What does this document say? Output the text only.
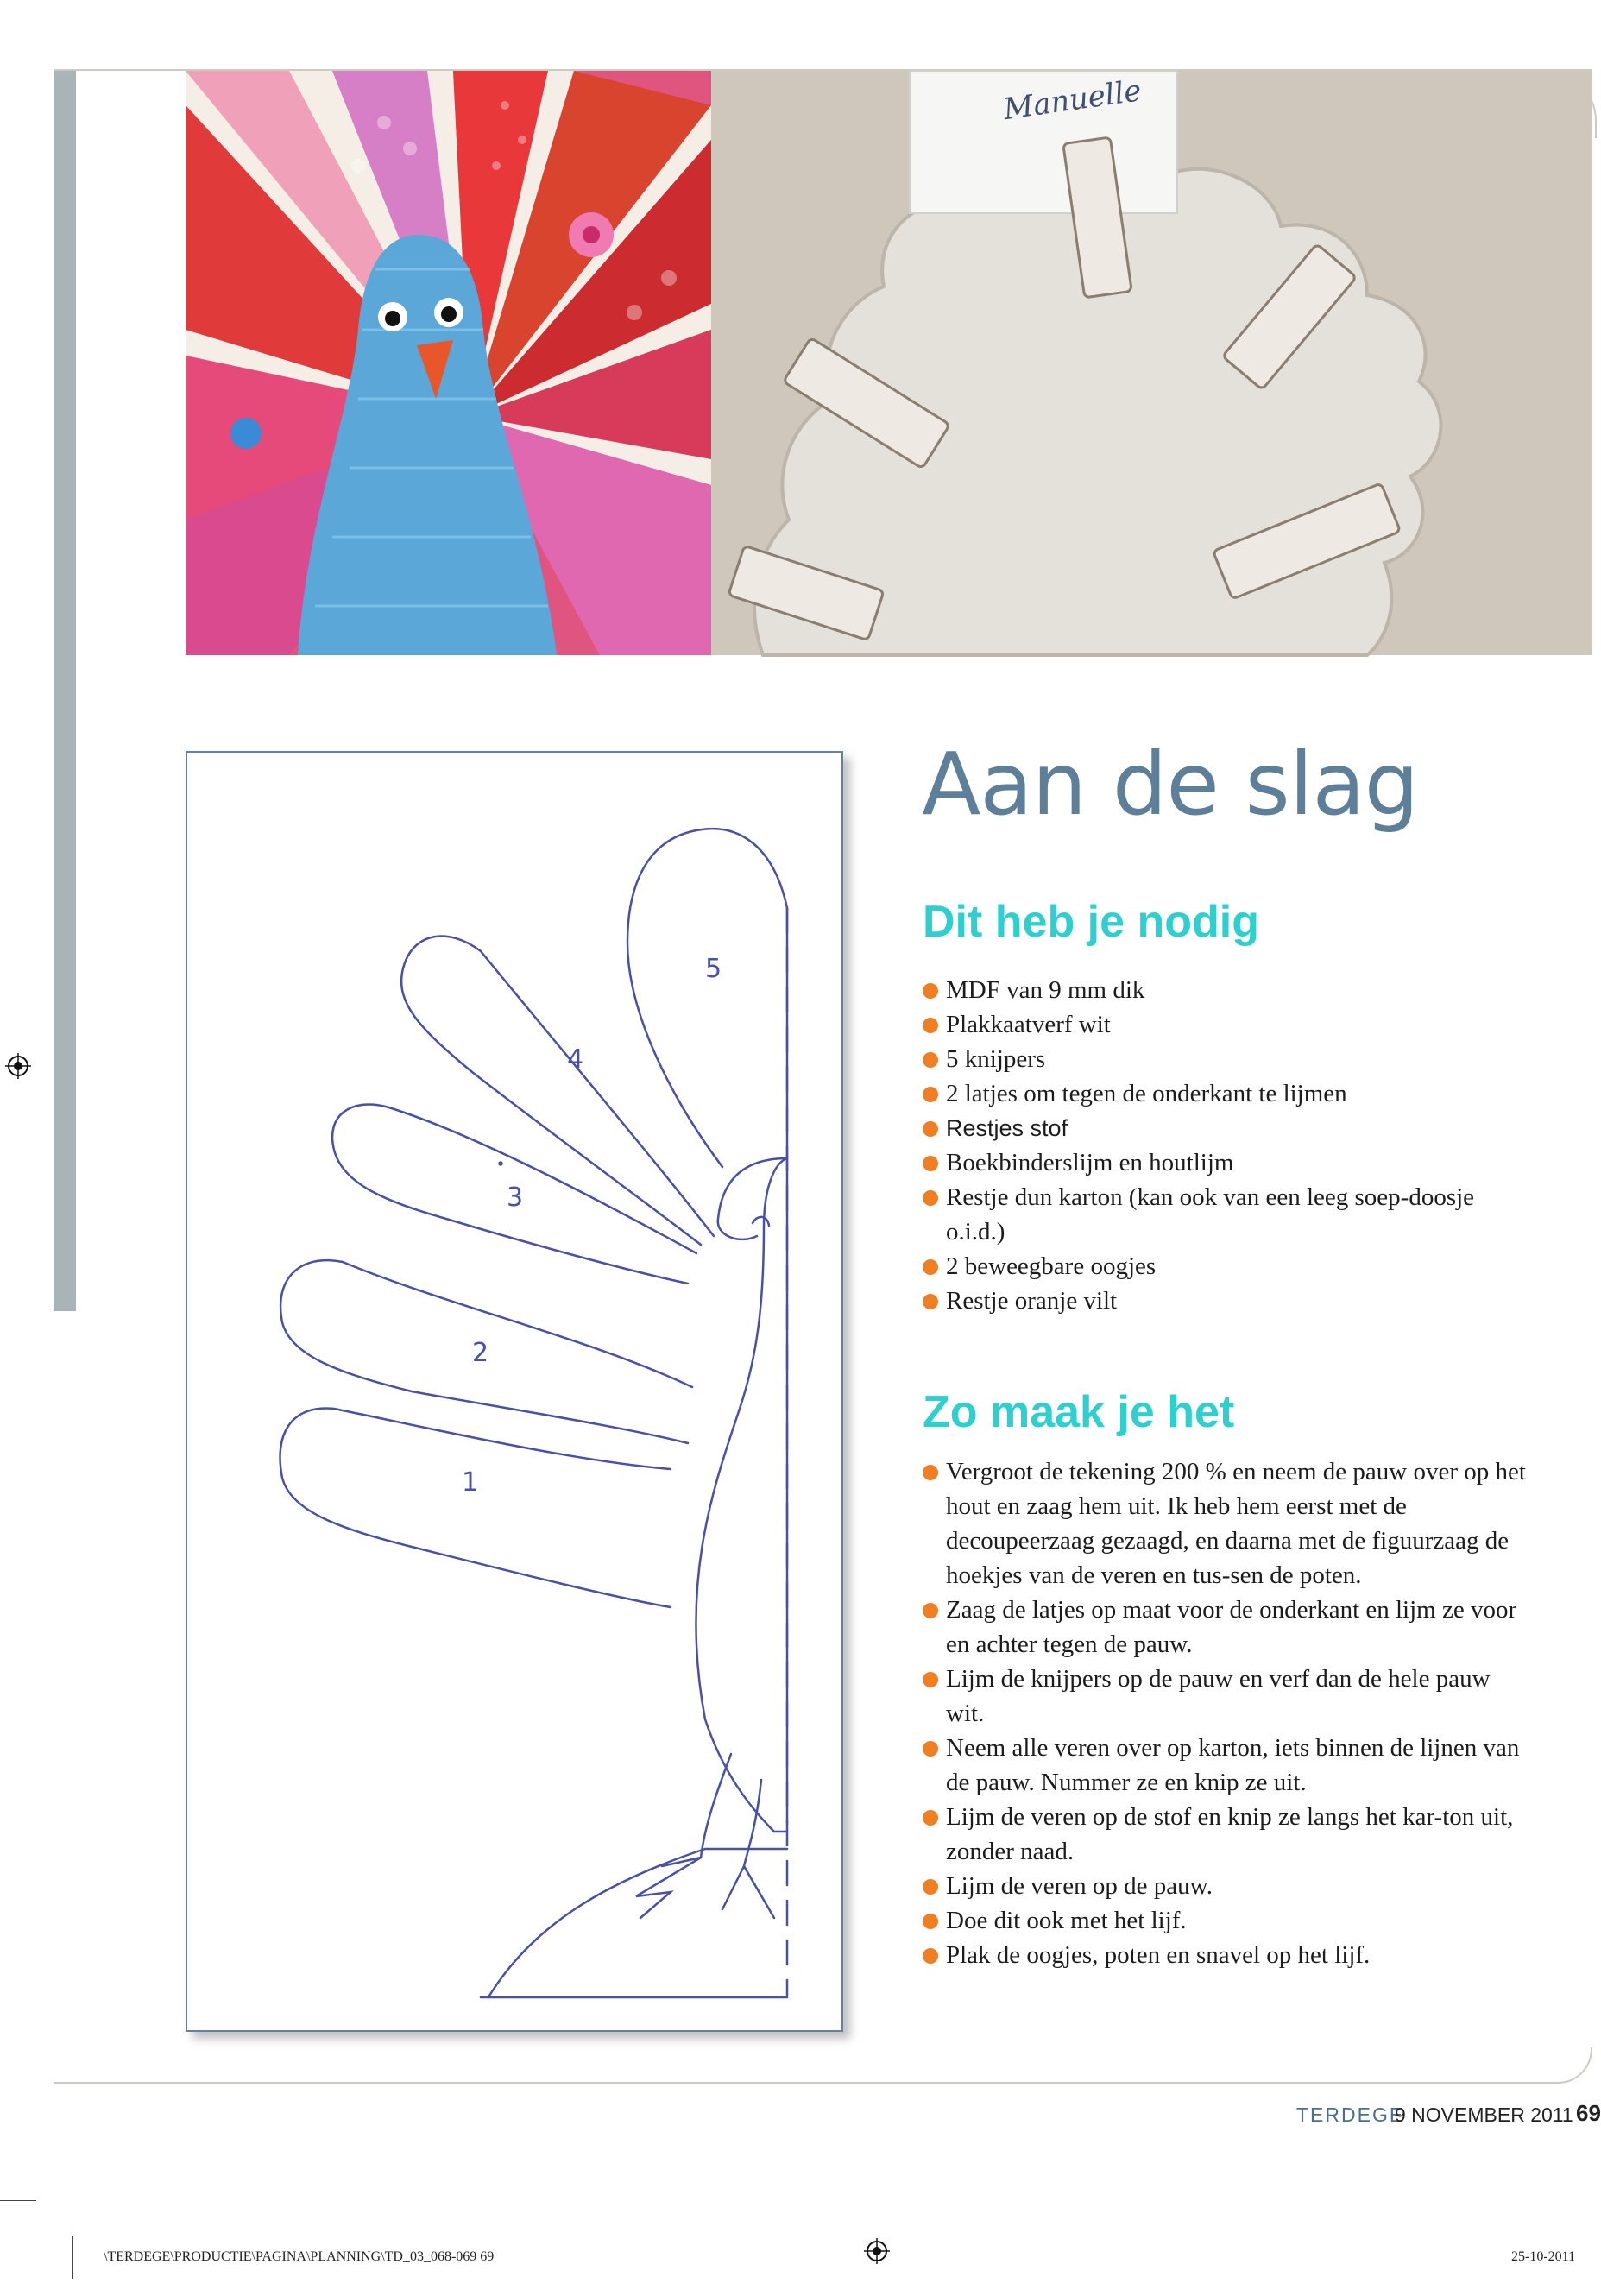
Manuelle
1
2
3
4
5
Aan de slag
Dit heb je nodig
MDF van 9 mm dik
Plakkaatverf wit
5 knijpers
2 latjes om tegen de onderkant te lijmen
Restjes stof
Boekbinderslijm en houtlijm
Restje dun karton (kan ook van een leeg soep-doosje o.i.d.)
2 beweegbare oogjes
Restje oranje vilt
Zo maak je het
Vergroot de tekening 200 % en neem de pauw over op het hout en zaag hem uit. Ik heb hem eerst met de decoupeerzaag gezaagd, en daarna met de figuurzaag de hoekjes van de veren en tus-sen de poten.
Zaag de latjes op maat voor de onderkant en lijm ze voor en achter tegen de pauw.
Lijm de knijpers op de pauw en verf dan de hele pauw wit.
Neem alle veren over op karton, iets binnen de lijnen van de pauw. Nummer ze en knip ze uit.
Lijm de veren op de stof en knip ze langs het kar-ton uit, zonder naad.
Lijm de veren op de pauw.
Doe dit ook met het lijf.
Plak de oogjes, poten en snavel op het lijf.
TERDEGE
9 NOVEMBER 2011 69
\TERDEGE\PRODUCTIE\PAGINA\PLANNING\TD_03_068-069 69	25-10-2011
